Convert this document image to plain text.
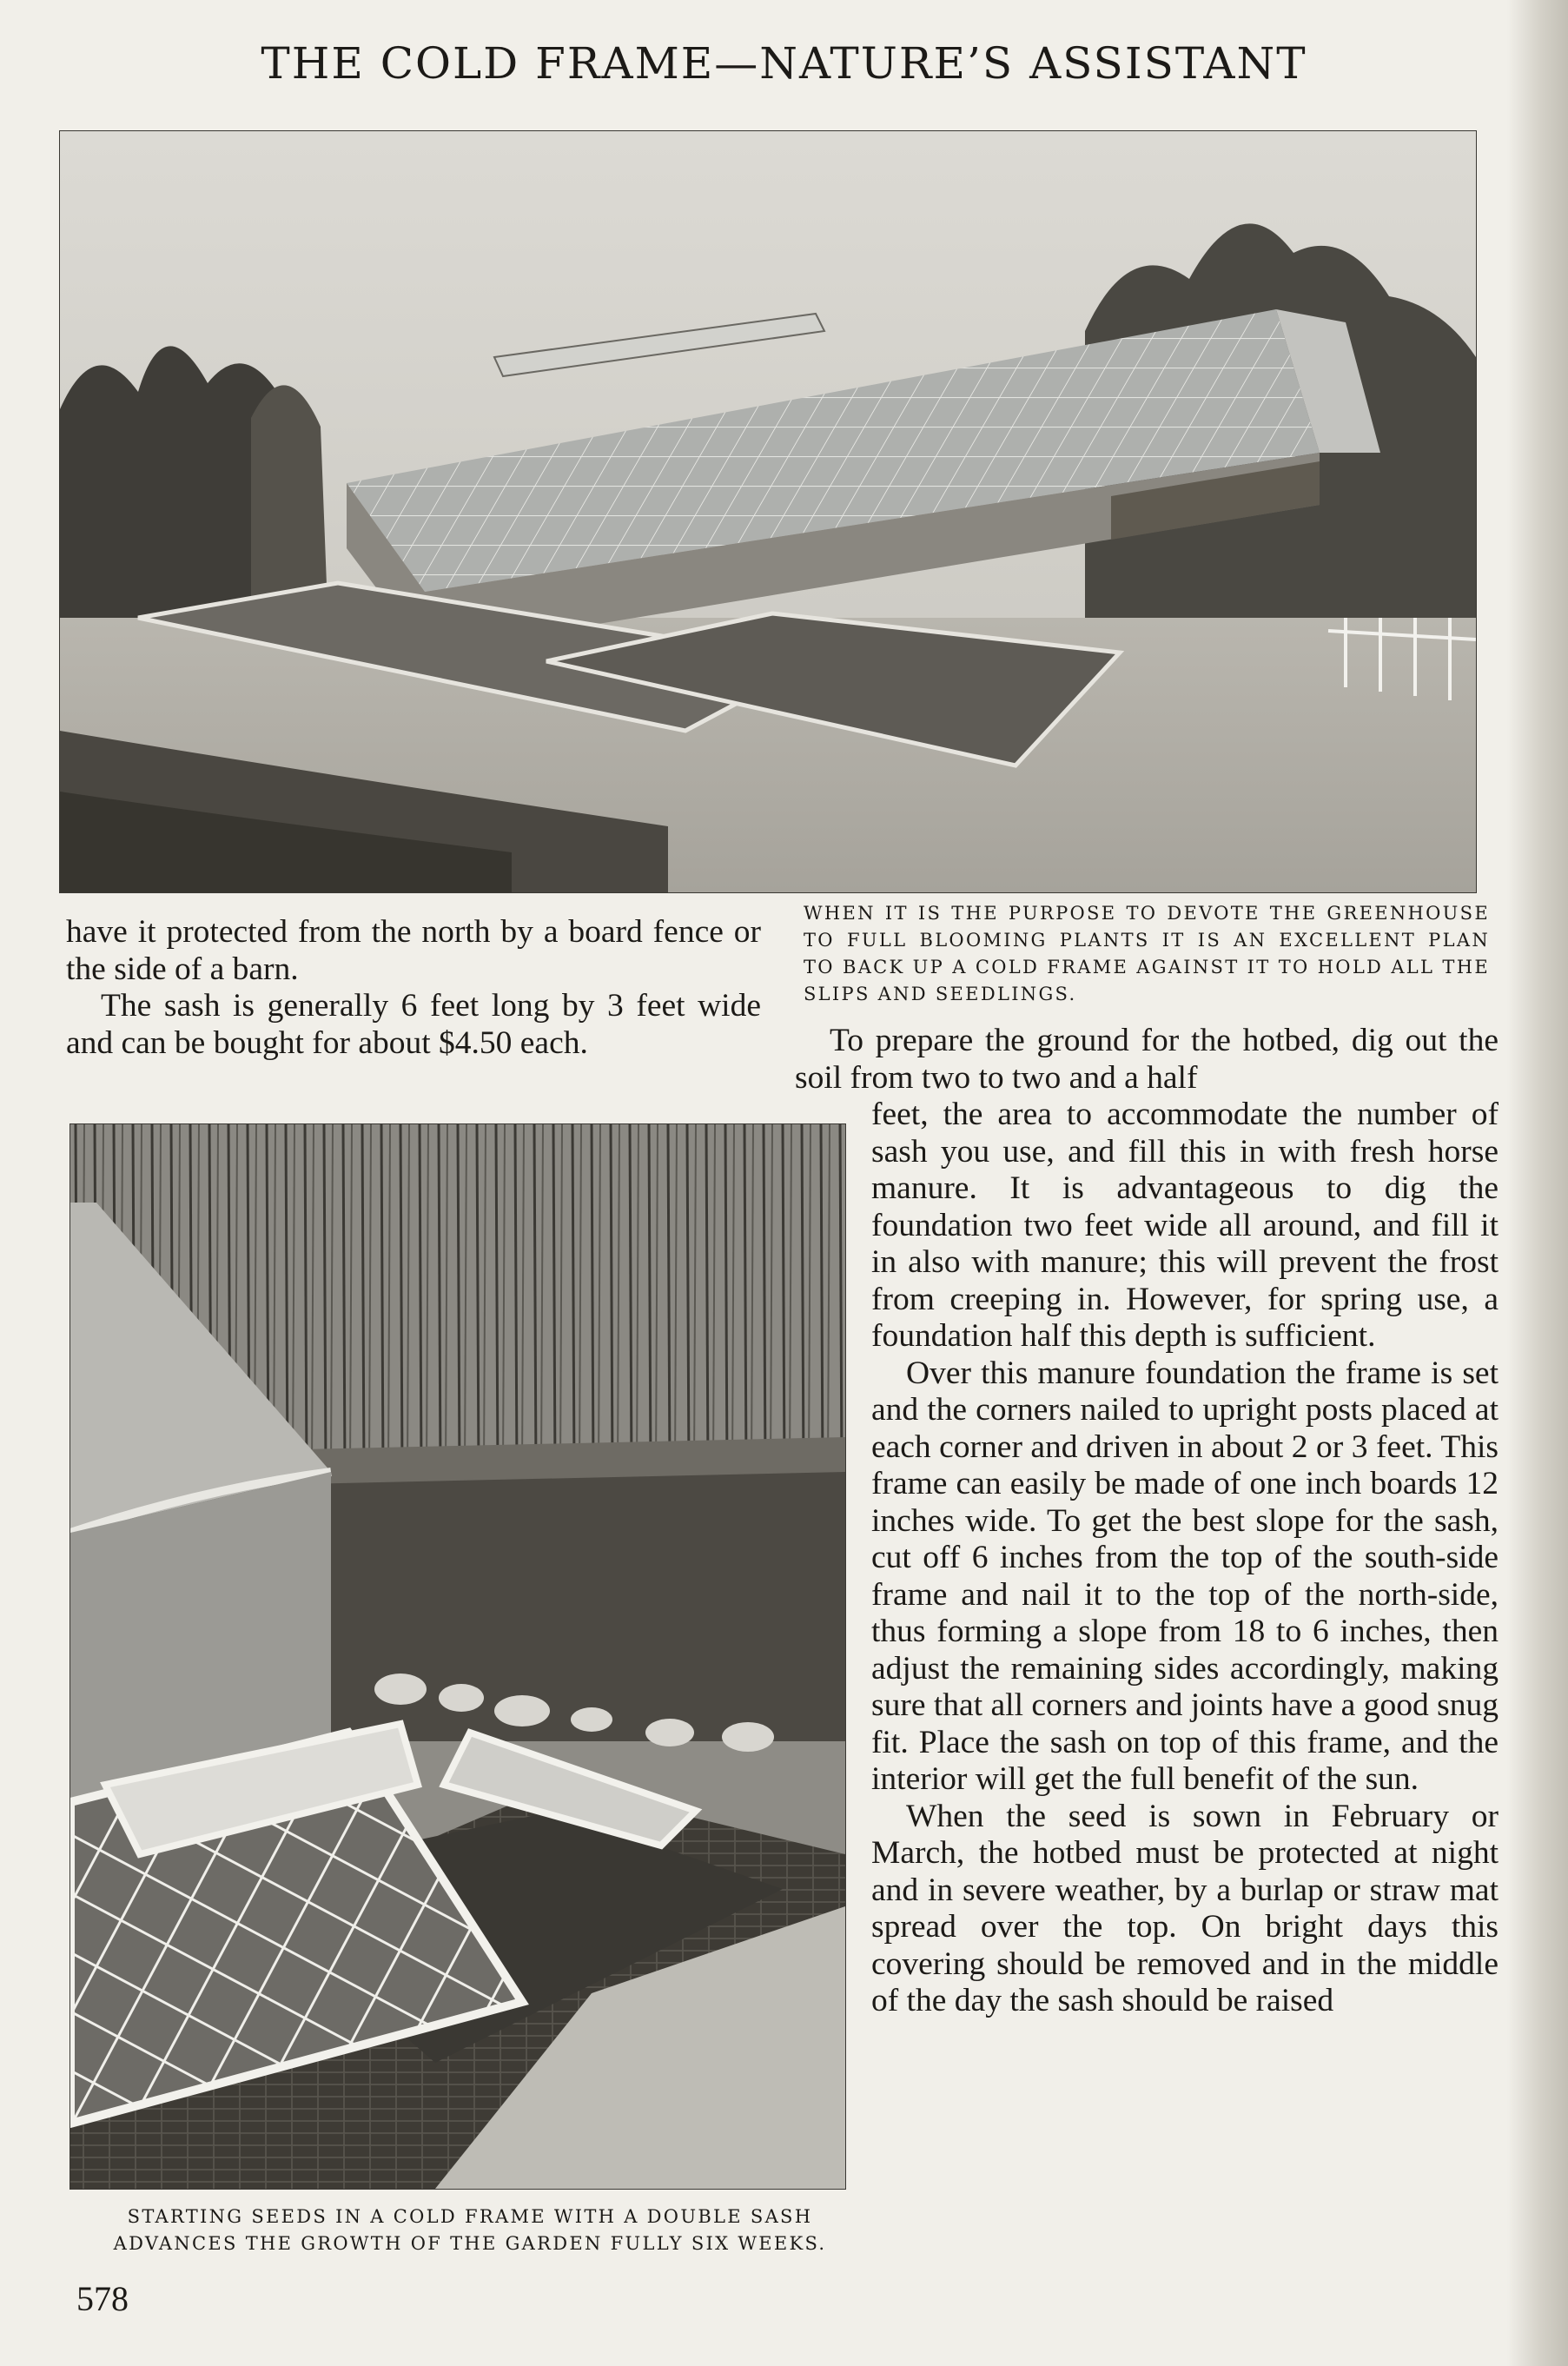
THE COLD FRAME—NATURE’S ASSISTANT
WHEN IT IS THE PURPOSE TO DEVOTE THE GREENHOUSE TO FULL BLOOMING PLANTS IT IS AN EXCELLENT PLAN TO BACK UP A COLD FRAME AGAINST IT TO HOLD ALL THE SLIPS AND SEEDLINGS.

have it protected from the north by a board fence or the side of a barn.

The sash is generally 6 feet long by 3 feet wide and can be bought for about $4.50 each.	To prepare the ground for the hotbed, dig out the soil from two to two and a half

STARTING SEEDS IN A COLD FRAME WITH A DOUBLE SASH ADVANCES THE GROWTH OF THE GARDEN FULLY SIX WEEKS.

feet, the area to accommodate the number of sash you use, and fill this in with fresh horse manure. It is advantageous to dig the foundation two feet wide all around, and fill it in also with manure; this will prevent the frost from creeping in. However, for spring use, a foundation half this depth is sufficient.

Over this manure foundation the frame is set and the corners nailed to upright posts placed at each corner and driven in about 2 or 3 feet. This frame can easily be made of one inch boards 12 inches wide. To get the best slope for the sash, cut off 6 inches from the top of the south-side frame and nail it to the top of the north-side, thus forming a slope from 18 to 6 inches, then adjust the remaining sides accordingly, making sure that all corners and joints have a good snug fit. Place the sash on top of this frame, and the interior will get the full benefit of the sun.

When the seed is sown in February or March, the hotbed must be protected at night and in severe weather, by a burlap or straw mat spread over the top. On bright days this covering should be removed and in the middle of the day the sash should be raised

578
